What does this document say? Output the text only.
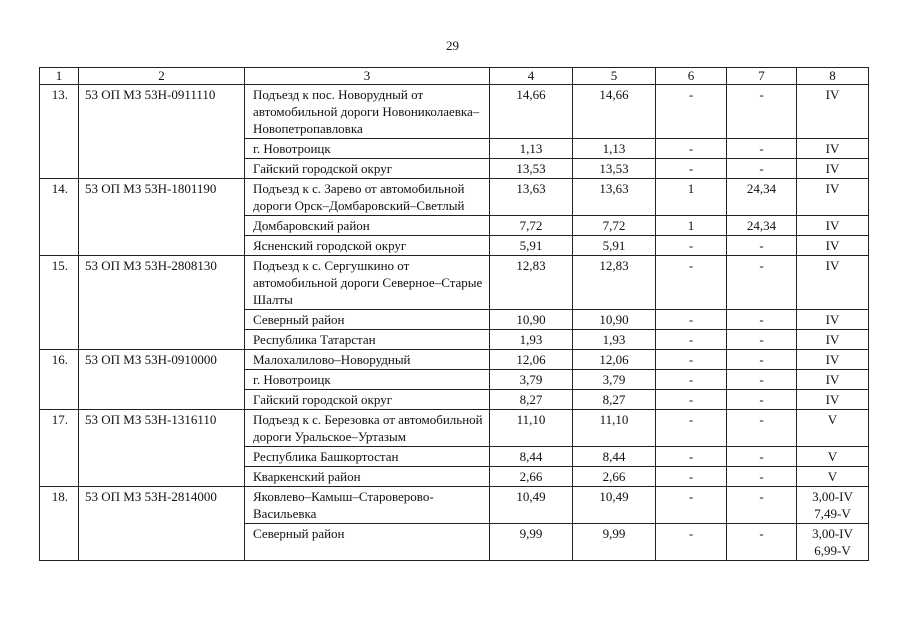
29
1	2	3	4	5	6	7	8
13.	53 ОП МЗ 53Н-0911110	Подъезд к пос. Новорудный от автомобильной дороги Новониколаевка–Новопетропавловка	14,66	14,66	-	-	IV
		г. Новотроицк	1,13	1,13	-	-	IV
		Гайский городской округ	13,53	13,53	-	-	IV
14.	53 ОП МЗ 53Н-1801190	Подъезд к с. Зарево от автомобильной дороги Орск–Домбаровский–Светлый	13,63	13,63	1	24,34	IV
		Домбаровский район	7,72	7,72	1	24,34	IV
		Ясненский городской округ	5,91	5,91	-	-	IV
15.	53 ОП МЗ 53Н-2808130	Подъезд к с. Сергушкино от автомобильной дороги Северное–Старые Шалты	12,83	12,83	-	-	IV
		Северный район	10,90	10,90	-	-	IV
		Республика Татарстан	1,93	1,93	-	-	IV
16.	53 ОП МЗ 53Н-0910000	Малохалилово–Новорудный	12,06	12,06	-	-	IV
		г. Новотроицк	3,79	3,79	-	-	IV
		Гайский городской округ	8,27	8,27	-	-	IV
17.	53 ОП МЗ 53Н-1316110	Подъезд к с. Березовка от автомобильной дороги Уральское–Уртазым	11,10	11,10	-	-	V
		Республика Башкортостан	8,44	8,44	-	-	V
		Кваркенский район	2,66	2,66	-	-	V
18.	53 ОП МЗ 53Н-2814000	Яковлево–Камыш–Староверово-Васильевка	10,49	10,49	-	-	3,00-IV 7,49-V
		Северный район	9,99	9,99	-	-	3,00-IV 6,99-V
